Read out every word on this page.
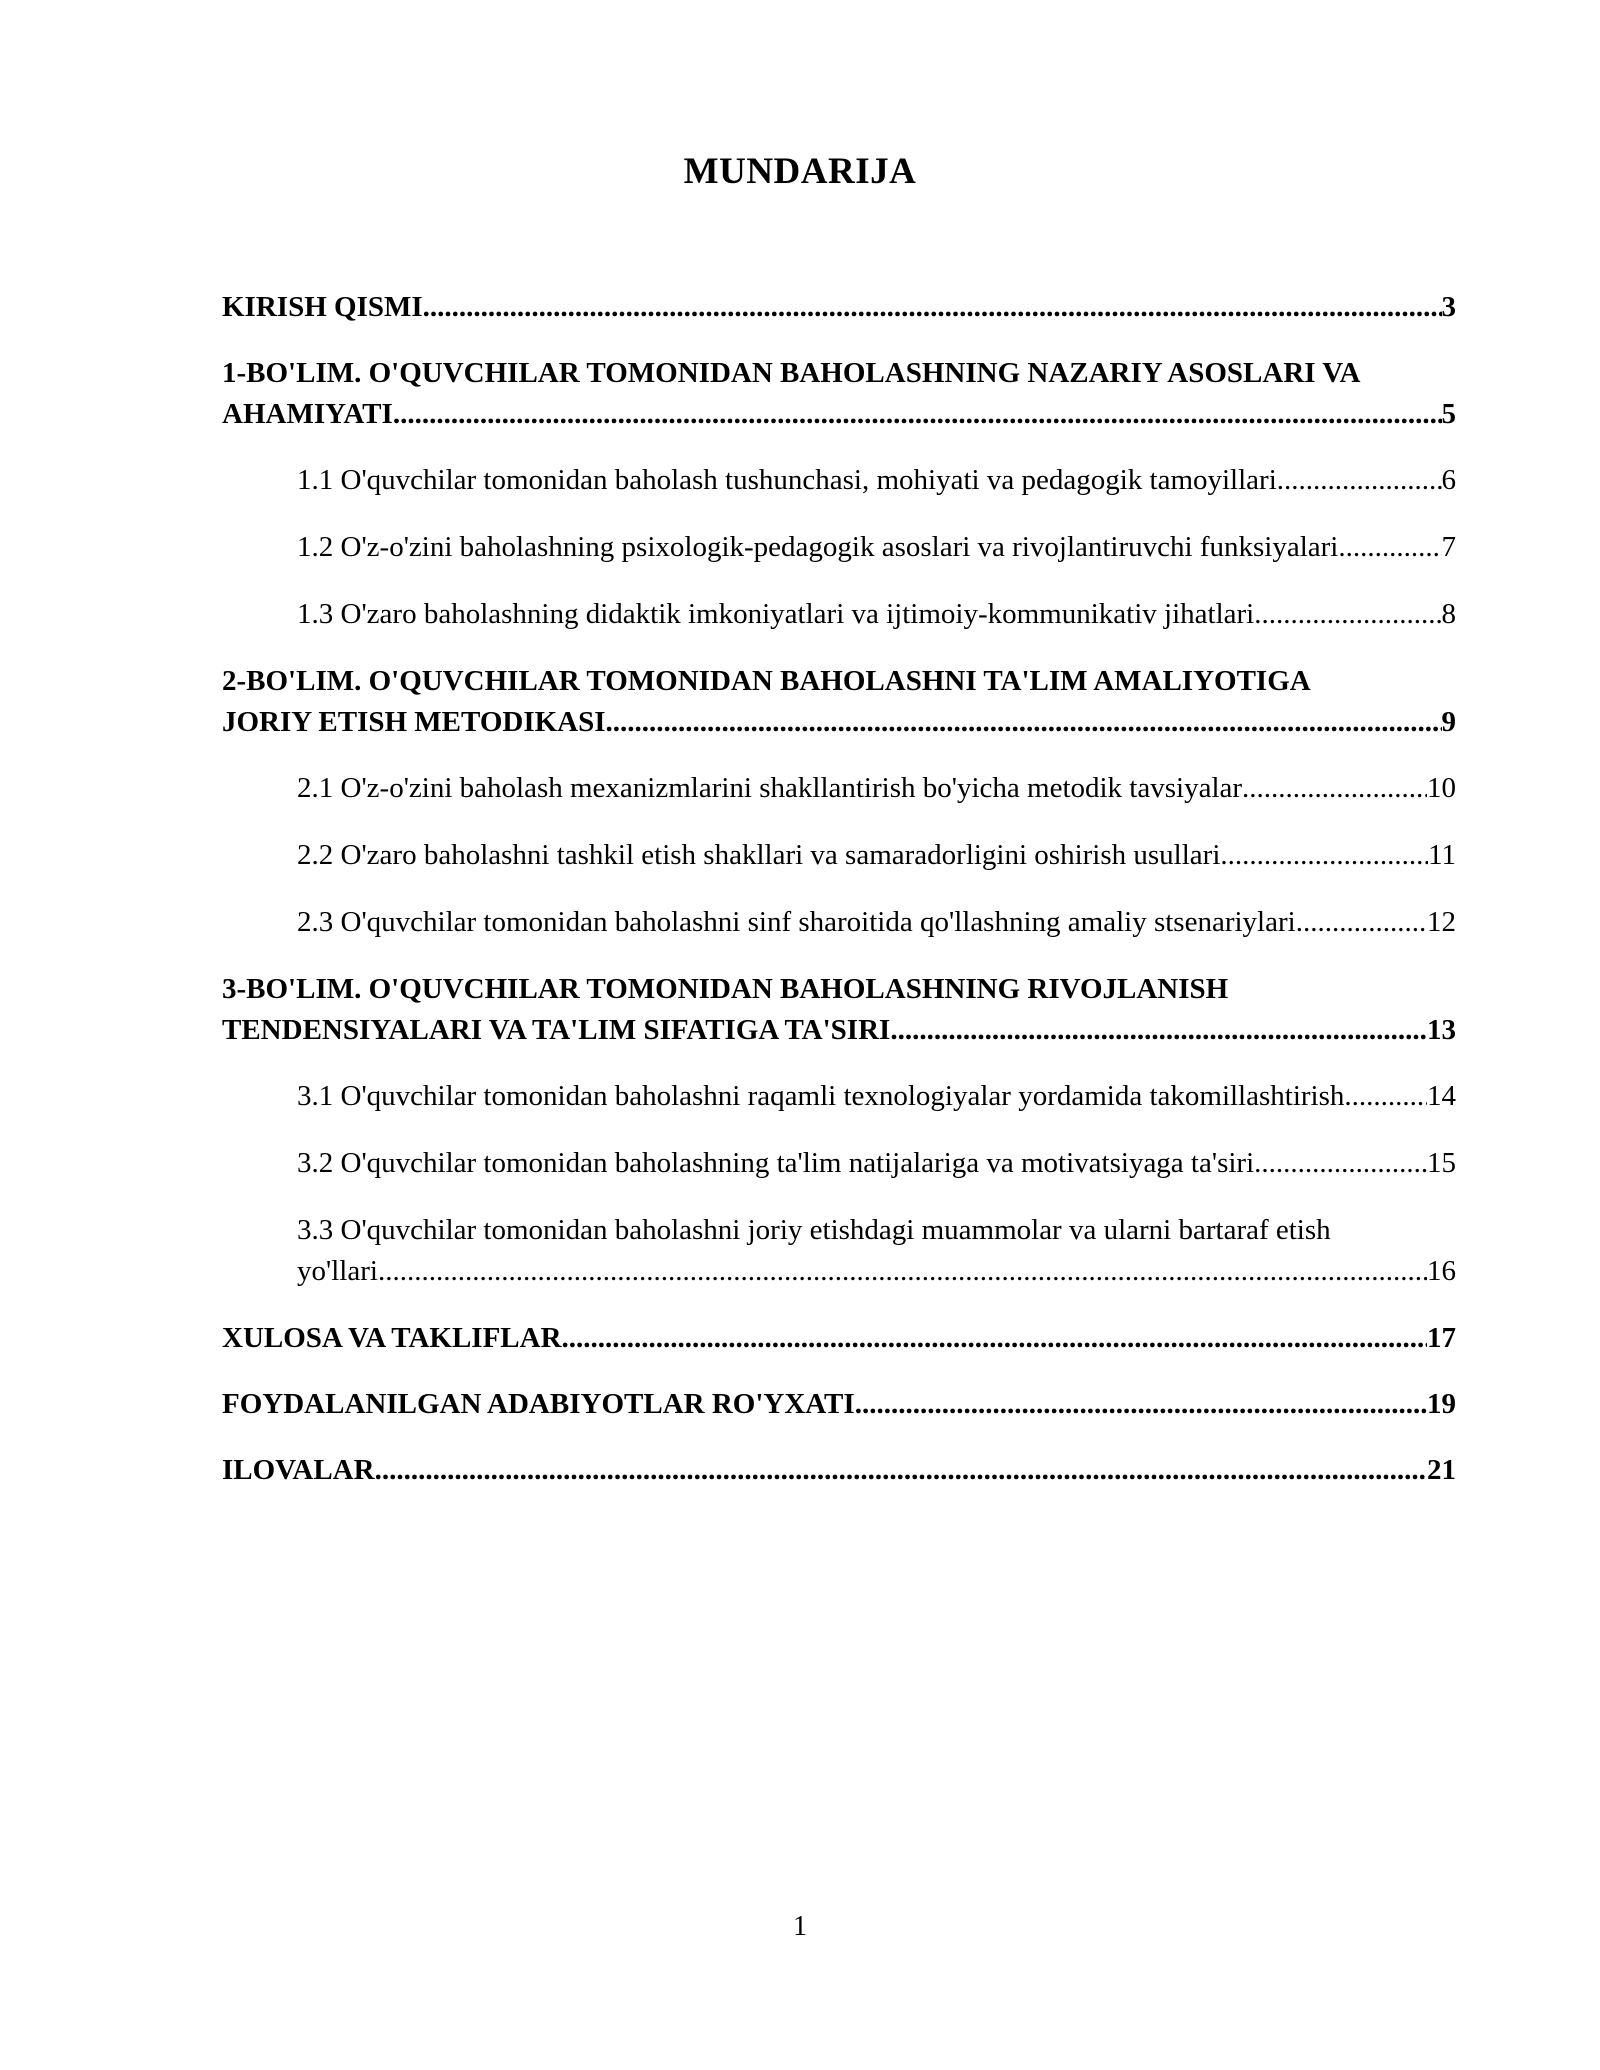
MUNDARIJA
KIRISH QISMI .....	3
1-BO'LIM. O'QUVCHILAR TOMONIDAN BAHOLASHNING NAZARIY ASOSLARI VA
AHAMIYATI .....	5
1.1 O'quvchilar tomonidan baholash tushunchasi, mohiyati va pedagogik tamoyillari .....	6
1.2 O'z-o'zini baholashning psixologik-pedagogik asoslari va rivojlantiruvchi funksiyalari .....	7
1.3 O'zaro baholashning didaktik imkoniyatlari va ijtimoiy-kommunikativ jihatlari .....	8
2-BO'LIM. O'QUVCHILAR TOMONIDAN BAHOLASHNI TA'LIM AMALIYOTIGA
JORIY ETISH METODIKASI .....	9
2.1 O'z-o'zini baholash mexanizmlarini shakllantirish bo'yicha metodik tavsiyalar .....	10
2.2 O'zaro baholashni tashkil etish shakllari va samaradorligini oshirish usullari .....	11
2.3 O'quvchilar tomonidan baholashni sinf sharoitida qo'llashning amaliy stsenariylari .....	12
3-BO'LIM. O'QUVCHILAR TOMONIDAN BAHOLASHNING RIVOJLANISH
TENDENSIYALARI VA TA'LIM SIFATIGA TA'SIRI .....	13
3.1 O'quvchilar tomonidan baholashni raqamli texnologiyalar yordamida takomillashtirish .....	14
3.2 O'quvchilar tomonidan baholashning ta'lim natijalariga va motivatsiyaga ta'siri .....	15
3.3 O'quvchilar tomonidan baholashni joriy etishdagi muammolar va ularni bartaraf etish
yo'llari .....	16
XULOSA VA TAKLIFLAR .....	17
FOYDALANILGAN ADABIYOTLAR RO'YXATI .....	19
ILOVALAR .....	21
1
